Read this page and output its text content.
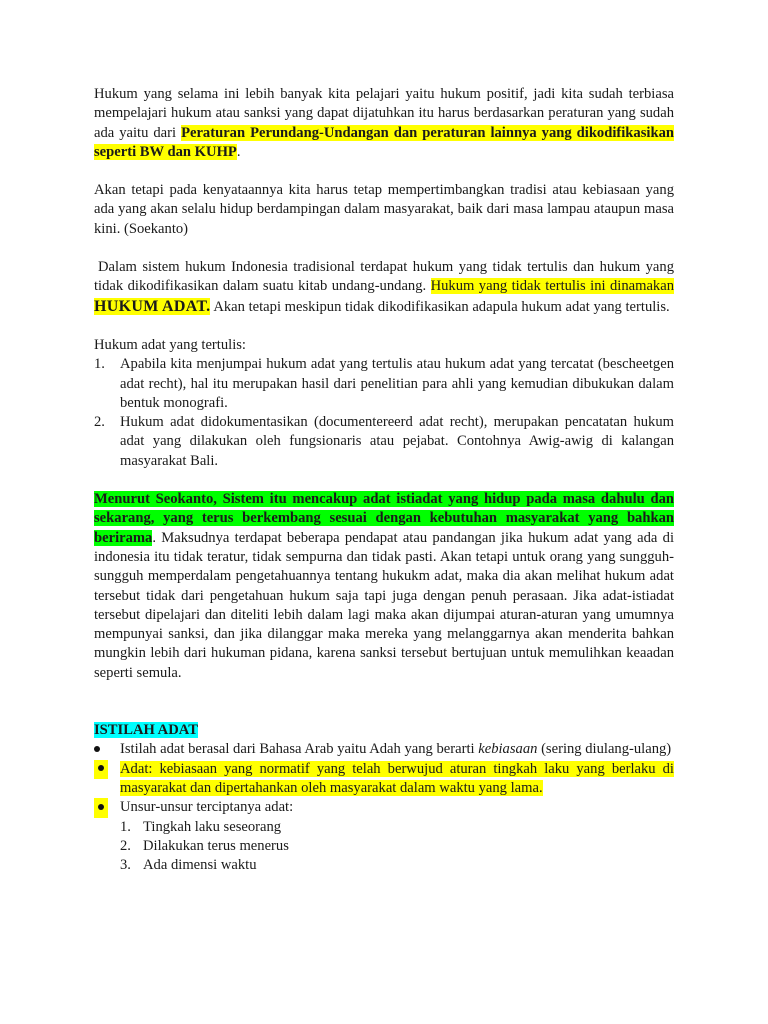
Hukum yang selama ini lebih banyak kita pelajari yaitu hukum positif, jadi kita sudah terbiasa mempelajari hukum atau sanksi yang dapat dijatuhkan itu harus berdasarkan peraturan yang sudah ada yaitu dari Peraturan Perundang-Undangan dan peraturan lainnya yang dikodifikasikan seperti BW dan KUHP.

Akan tetapi pada kenyataannya kita harus tetap mempertimbangkan tradisi atau kebiasaan yang ada yang akan selalu hidup berdampingan dalam masyarakat, baik dari masa lampau ataupun masa kini. (Soekanto)

Dalam sistem hukum Indonesia tradisional terdapat hukum yang tidak tertulis dan hukum yang tidak dikodifikasikan dalam suatu kitab undang-undang. Hukum yang tidak tertulis ini dinamakan HUKUM ADAT. Akan tetapi meskipun tidak dikodifikasikan adapula hukum adat yang tertulis.

Hukum adat yang tertulis:

1.	Apabila kita menjumpai hukum adat yang tertulis atau hukum adat yang tercatat (bescheetgen adat recht), hal itu merupakan hasil dari penelitian para ahli yang kemudian dibukukan dalam bentuk monografi.
2.	Hukum adat didokumentasikan (documentereerd adat recht), merupakan pencatatan hukum adat yang dilakukan oleh fungsionaris atau pejabat. Contohnya Awig-awig di kalangan masyarakat Bali.

Menurut Seokanto, Sistem itu mencakup adat istiadat yang hidup pada masa dahulu dan sekarang, yang terus berkembang sesuai dengan kebutuhan masyarakat yang bahkan berirama. Maksudnya terdapat beberapa pendapat atau pandangan jika hukum adat yang ada di indonesia itu tidak teratur, tidak sempurna dan tidak pasti. Akan tetapi untuk orang yang sungguh-sungguh memperdalam pengetahuannya tentang hukukm adat, maka dia akan melihat hukum adat tersebut tidak dari pengetahuan hukum saja tapi juga dengan penuh perasaan. Jika adat-istiadat tersebut dipelajari dan diteliti lebih dalam lagi maka akan dijumpai aturan-aturan yang umumnya mempunyai sanksi, dan jika dilanggar maka mereka yang melanggarnya akan menderita bahkan mungkin lebih dari hukuman pidana, karena sanksi tersebut bertujuan untuk memulihkan keaadan seperti semula.

ISTILAH ADAT

Istilah adat berasal dari Bahasa Arab yaitu Adah yang berarti kebiasaan (sering diulang-ulang)
Adat: kebiasaan yang normatif yang telah berwujud aturan tingkah laku yang berlaku di masyarakat dan dipertahankan oleh masyarakat dalam waktu yang lama.
Unsur-unsur terciptanya adat:
1. Tingkah laku seseorang
2. Dilakukan terus menerus
3. Ada dimensi waktu
